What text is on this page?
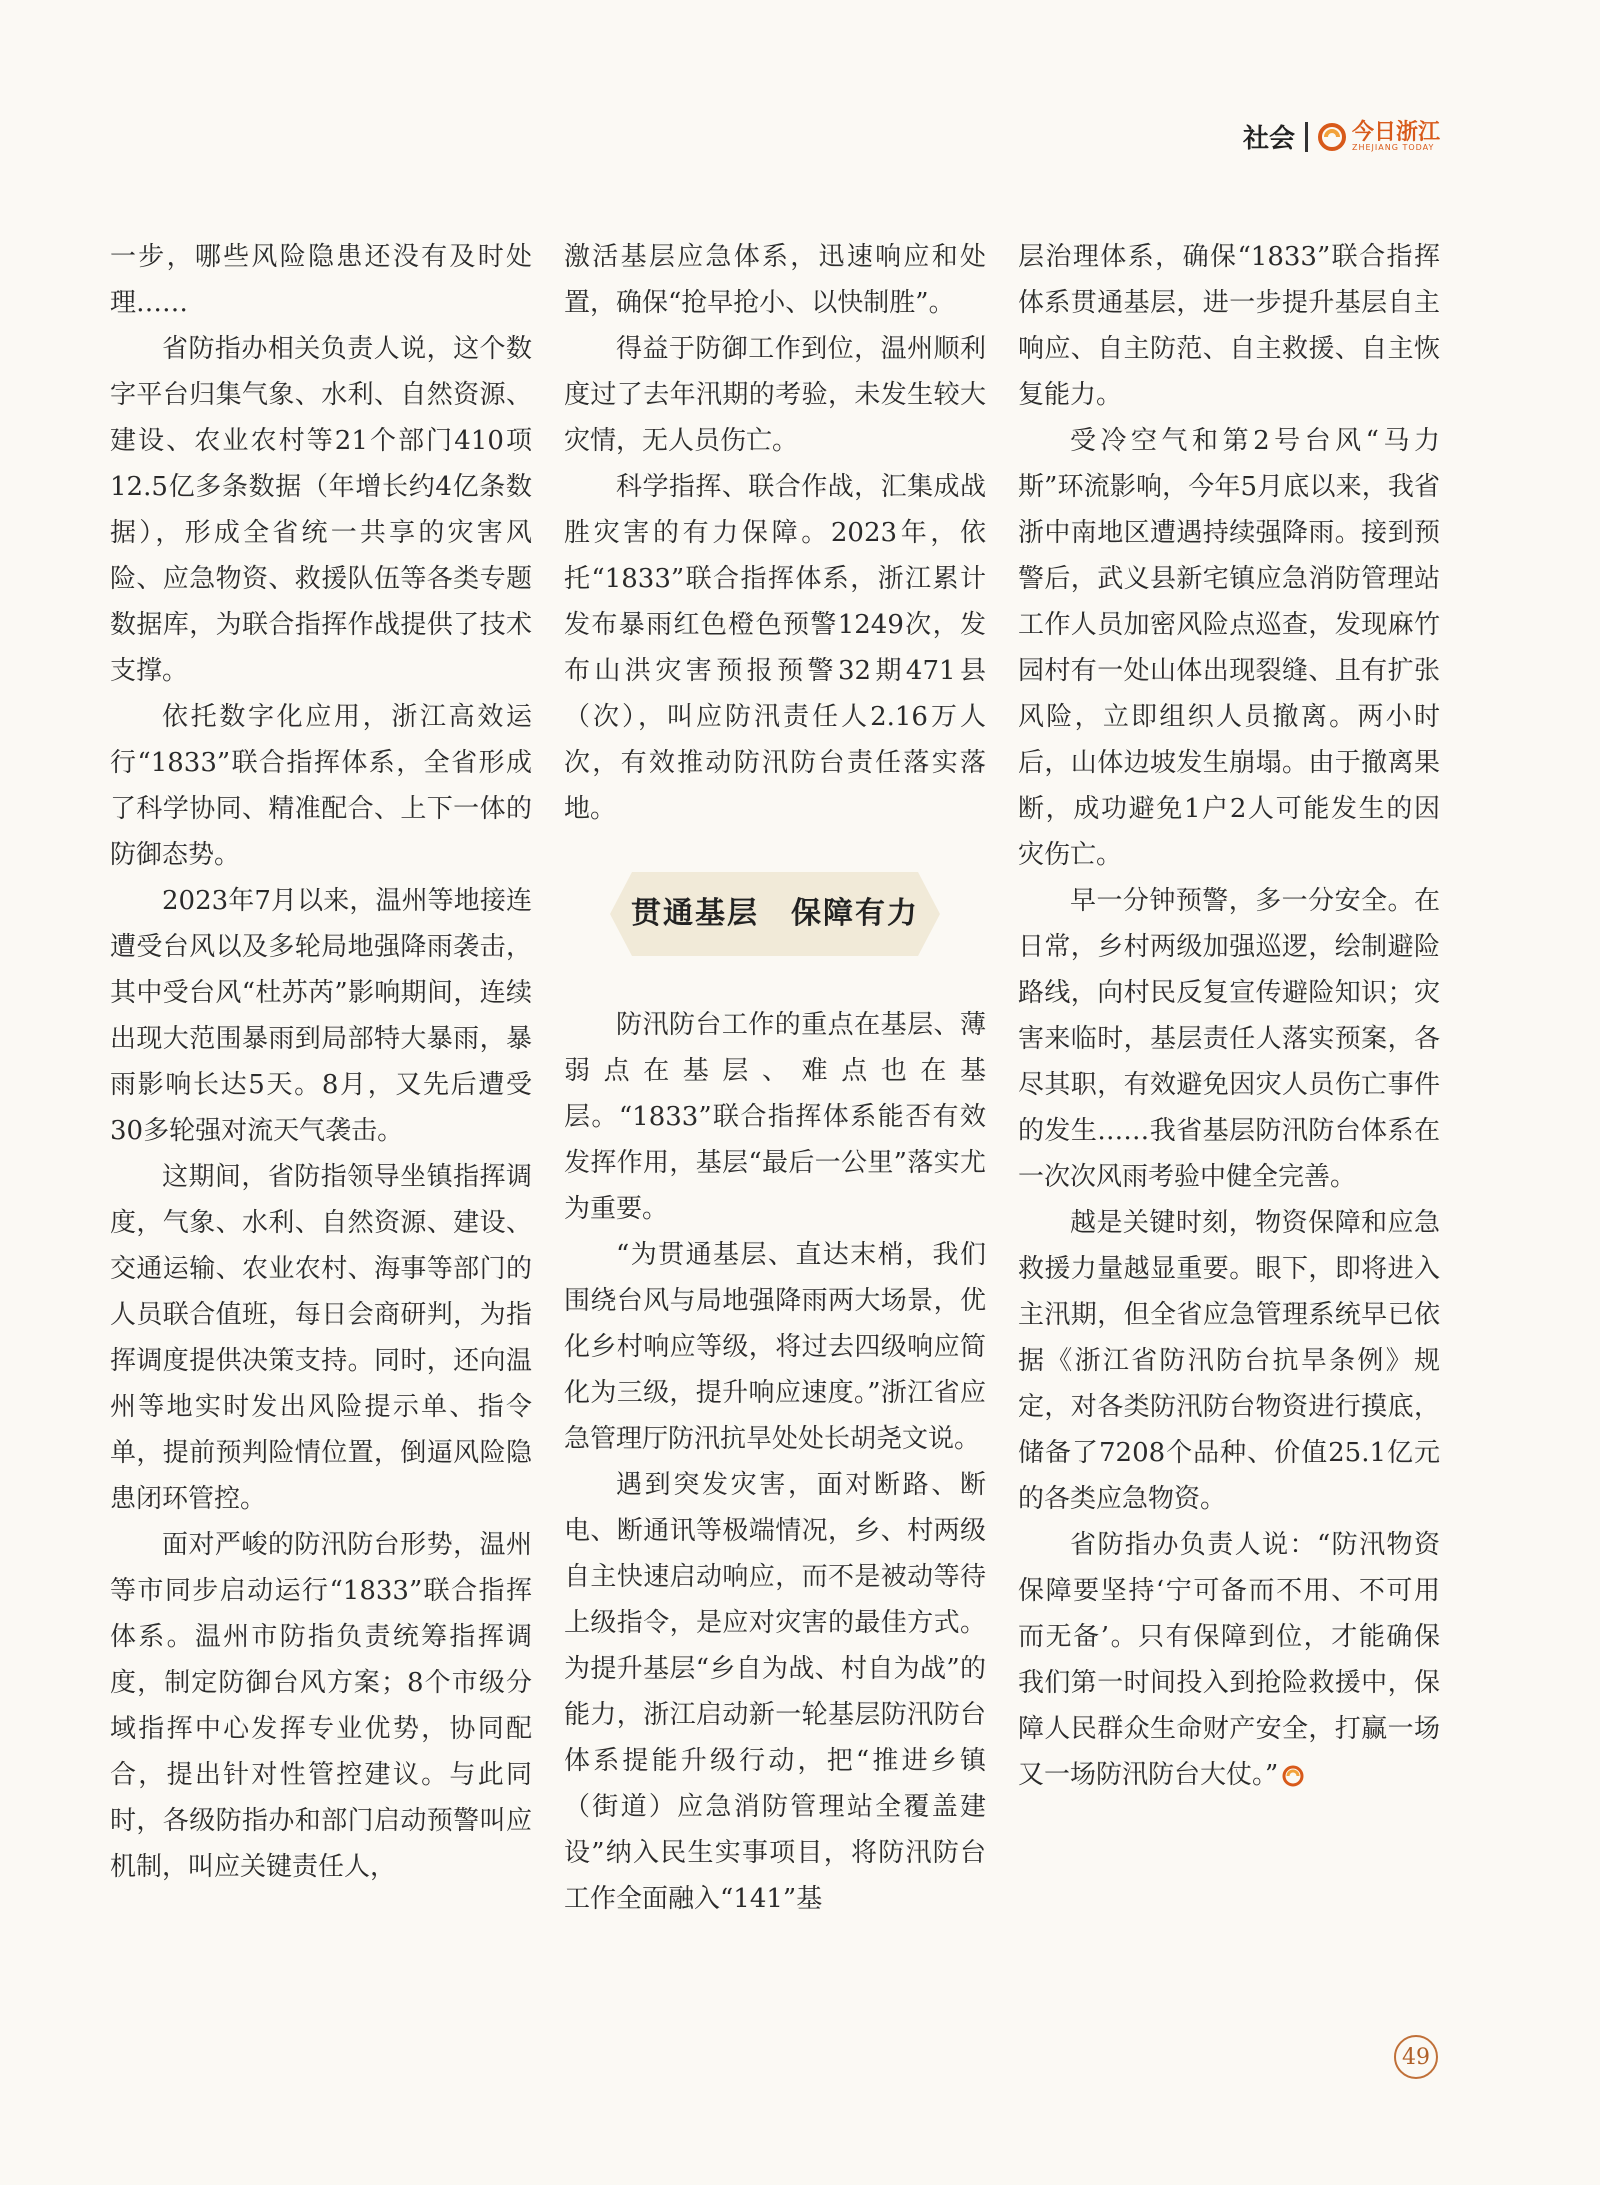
社会	今日浙江
ZHEJIANG TODAY

一步，哪些风险隐患还没有及时处理……

省防指办相关负责人说，这个数字平台归集气象、水利、自然资源、建设、农业农村等21个部门410项12.5亿多条数据（年增长约4亿条数据），形成全省统一共享的灾害风险、应急物资、救援队伍等各类专题数据库，为联合指挥作战提供了技术支撑。

依托数字化应用，浙江高效运行“1833”联合指挥体系，全省形成了科学协同、精准配合、上下一体的防御态势。

2023年7月以来，温州等地接连遭受台风以及多轮局地强降雨袭击，其中受台风“杜苏芮”影响期间，连续出现大范围暴雨到局部特大暴雨，暴雨影响长达5天。8月，又先后遭受30多轮强对流天气袭击。

这期间，省防指领导坐镇指挥调度，气象、水利、自然资源、建设、交通运输、农业农村、海事等部门的人员联合值班，每日会商研判，为指挥调度提供决策支持。同时，还向温州等地实时发出风险提示单、指令单，提前预判险情位置，倒逼风险隐患闭环管控。

面对严峻的防汛防台形势，温州等市同步启动运行“1833”联合指挥体系。温州市防指负责统筹指挥调度，制定防御台风方案；8个市级分域指挥中心发挥专业优势，协同配合，提出针对性管控建议。与此同时，各级防指办和部门启动预警叫应机制，叫应关键责任人，

激活基层应急体系，迅速响应和处置，确保“抢早抢小、以快制胜”。

得益于防御工作到位，温州顺利度过了去年汛期的考验，未发生较大灾情，无人员伤亡。

科学指挥、联合作战，汇集成战胜灾害的有力保障。2023年，依托“1833”联合指挥体系，浙江累计发布暴雨红色橙色预警1249次，发布山洪灾害预报预警32期471县（次），叫应防汛责任人2.16万人次，有效推动防汛防台责任落实落地。

贯通基层　保障有力

防汛防台工作的重点在基层、薄弱点在基层、难点也在基层。“1833”联合指挥体系能否有效发挥作用，基层“最后一公里”落实尤为重要。

“为贯通基层、直达末梢，我们围绕台风与局地强降雨两大场景，优化乡村响应等级，将过去四级响应简化为三级，提升响应速度。”浙江省应急管理厅防汛抗旱处处长胡尧文说。

遇到突发灾害，面对断路、断电、断通讯等极端情况，乡、村两级自主快速启动响应，而不是被动等待上级指令，是应对灾害的最佳方式。为提升基层“乡自为战、村自为战”的能力，浙江启动新一轮基层防汛防台体系提能升级行动，把“推进乡镇（街道）应急消防管理站全覆盖建设”纳入民生实事项目，将防汛防台工作全面融入“141”基

层治理体系，确保“1833”联合指挥体系贯通基层，进一步提升基层自主响应、自主防范、自主救援、自主恢复能力。

受冷空气和第2号台风“马力斯”环流影响，今年5月底以来，我省浙中南地区遭遇持续强降雨。接到预警后，武义县新宅镇应急消防管理站工作人员加密风险点巡查，发现麻竹园村有一处山体出现裂缝、且有扩张风险，立即组织人员撤离。两小时后，山体边坡发生崩塌。由于撤离果断，成功避免1户2人可能发生的因灾伤亡。

早一分钟预警，多一分安全。在日常，乡村两级加强巡逻，绘制避险路线，向村民反复宣传避险知识；灾害来临时，基层责任人落实预案，各尽其职，有效避免因灾人员伤亡事件的发生……我省基层防汛防台体系在一次次风雨考验中健全完善。

越是关键时刻，物资保障和应急救援力量越显重要。眼下，即将进入主汛期，但全省应急管理系统早已依据《浙江省防汛防台抗旱条例》规定，对各类防汛防台物资进行摸底，储备了7208个品种、价值25.1亿元的各类应急物资。

省防指办负责人说：“防汛物资保障要坚持‘宁可备而不用、不可用而无备’。只有保障到位，才能确保我们第一时间投入到抢险救援中，保障人民群众生命财产安全，打赢一场又一场防汛防台大仗。”

49
